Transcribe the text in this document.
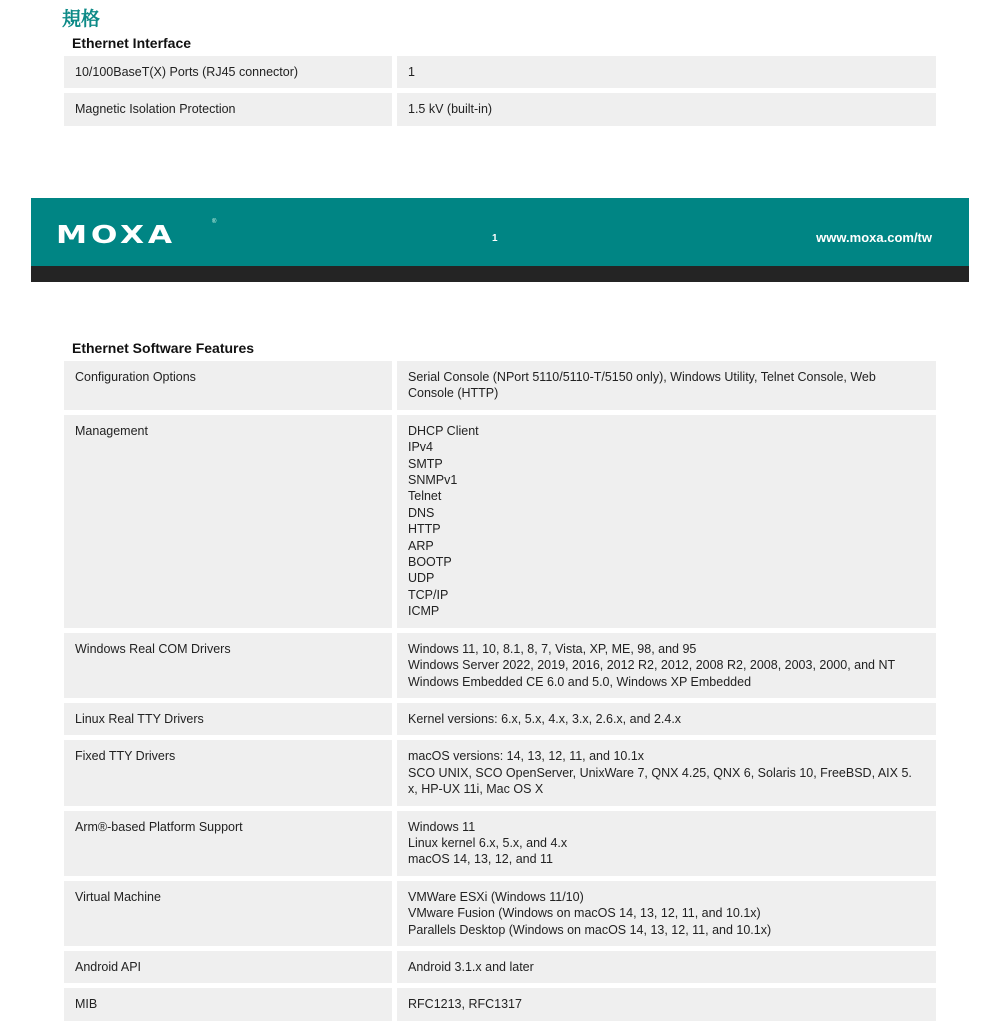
規格
Ethernet Interface
10/100BaseT(X) Ports (RJ45 connector)	1
Magnetic Isolation Protection	1.5 kV (built-in)
MOXA	®
1	www.moxa.com/tw
Ethernet Software Features
Configuration Options	Serial Console (NPort 5110/5110-T/5150 only), Windows Utility, Telnet Console, Web Console (HTTP)
Management	DHCP Client
IPv4
SMTP
SNMPv1
Telnet
DNS
HTTP
ARP
BOOTP
UDP
TCP/IP
ICMP
Windows Real COM Drivers	Windows 11, 10, 8.1, 8, 7, Vista, XP, ME, 98, and 95
Windows Server 2022, 2019, 2016, 2012 R2, 2012, 2008 R2, 2008, 2003, 2000, and NT
Windows Embedded CE 6.0 and 5.0, Windows XP Embedded
Linux Real TTY Drivers	Kernel versions: 6.x, 5.x, 4.x, 3.x, 2.6.x, and 2.4.x
Fixed TTY Drivers	macOS versions: 14, 13, 12, 11, and 10.1x
SCO UNIX, SCO OpenServer, UnixWare 7, QNX 4.25, QNX 6, Solaris 10, FreeBSD, AIX 5.
x, HP-UX 11i, Mac OS X
Arm®-based Platform Support	Windows 11
Linux kernel 6.x, 5.x, and 4.x
macOS 14, 13, 12, and 11
Virtual Machine	VMWare ESXi (Windows 11/10)
VMware Fusion (Windows on macOS 14, 13, 12, 11, and 10.1x)
Parallels Desktop (Windows on macOS 14, 13, 12, 11, and 10.1x)
Android API	Android 3.1.x and later
MIB	RFC1213, RFC1317
